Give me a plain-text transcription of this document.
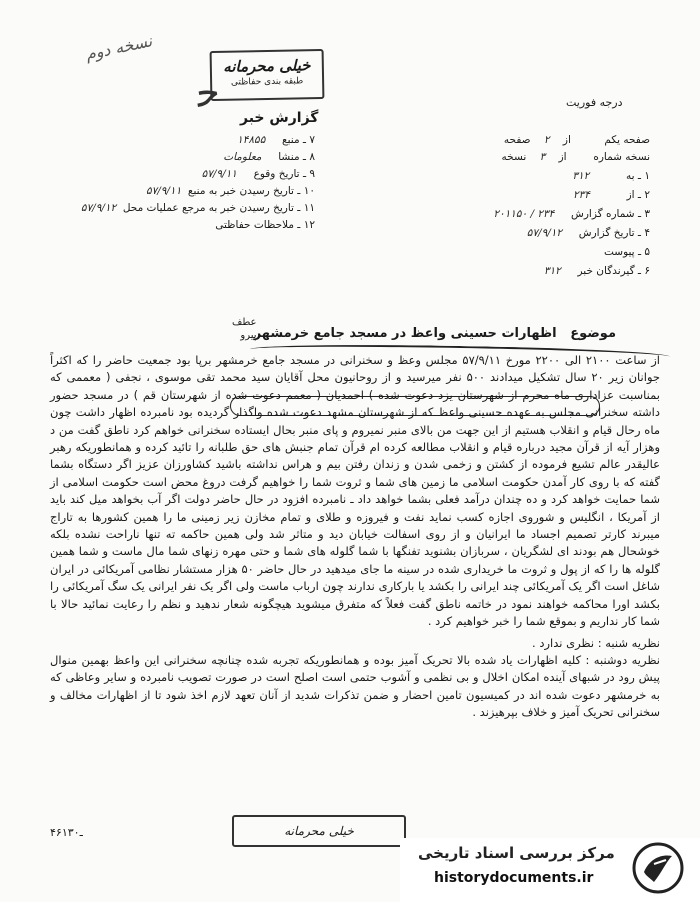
نسخه دوم
خیلی محرمانه
طبقه بندی حفاظتی
ﺣ	درجه فوریت
گزارش خبر
صفحه یکم          از    ۲    صفحه
نسخه شماره        از    ۳    نسخه
۱ ـ به           ۳۱۲
۲ ـ از           ۲۳۴
۳ ـ شماره گزارش     ۲۳۴ / ۲۰۱۱۵۰
۴ ـ تاریخ گزارش     ۵۷/۹/۱۲
۵ ـ پیوست
۶ ـ گیرندگان خبر     ۳۱۲
۷ ـ منبع     ۱۴۸۵۵
۸ ـ منشا     معلومات
۹ ـ تاریخ وقوع     ۵۷/۹/۱۱
۱۰ ـ تاریخ رسیدن خبر به منبع  ۵۷/۹/۱۱
۱۱ ـ تاریخ رسیدن خبر به مرجع عملیات محل  ۵۷/۹/۱۲
۱۲ ـ ملاحظات حفاظتی
عطف
پیرو	موضوع   اظهارات حسینی واعظ در مسجد جامع خرمشهر

از ساعت ۲۱۰۰ الی ۲۲۰۰ مورخ ۵۷/۹/۱۱ مجلس وعظ و سخنرانی در مسجد جامع خرمشهر برپا بود جمعیت حاضر را که اکثراً جوانان زیر ۲۰ سال تشکیل میدادند ۵۰۰ نفر میرسید و از روحانیون محل آقایان سید محمد تقی موسوی ، نجفی ( معممی که بمناسبت عزاداری ماه محرم از شهرستان یزد دعوت شده ) احمدیان ( معمم دعوت شده از شهرستان قم ) در مسجد حضور داشته سخنرانی مجلس به عهده حسینی واعظ که از شهرستان مشهد دعوت شده واگذار گردیده بود نامبرده اظهار داشت چون ماه رحال قیام و انقلاب هستیم از این جهت من بالای منبر نمیروم و پای منبر بحال ایستاده سخنرانی خواهم کرد ناطق گفت من د وهزار آیه از قرآن مجید درباره قیام و انقلاب مطالعه کرده ام قرآن تمام جنبش های حق طلبانه را تائید کرده و همانطوریکه رهبر عالیقدر عالم تشیع فرموده از کشتن و زخمی شدن و زندان رفتن بیم و هراس نداشته باشید کشاورزان عزیز اگر دستگاه بشما گفته که با روی کار آمدن حکومت اسلامی ما زمین های شما و ثروت شما را خواهیم گرفت دروغ محض است حکومت اسلامی از شما حمایت خواهد کرد و ده چندان درآمد فعلی بشما خواهد داد ـ نامبرده افزود در حال حاضر دولت اگر آب بخواهد میل کند باید از آمریکا ، انگلیس و شوروی اجازه کسب نماید نفت و فیروزه و طلای و تمام مخازن زیر زمینی ما را همین کشورها به تاراج میبرند کارتر تصمیم اجساد ما ایرانیان و از روی اسفالت خیابان دید و متاثر شد ولی همین حاکمه ته تنها ناراحت نشده بلکه خوشحال هم بودند ای لشگریان ، سربازان بشنوید تفنگها با شما گلوله های شما و حتی مهره زنهای شما مال ماست و شما همین گلوله ها را که از پول و ثروت ما خریداری شده در سینه ما جای میدهید در حال حاضر ۵۰ هزار مستشار نظامی آمریکائی در ایران شاغل است اگر یک آمریکائی چند ایرانی را بکشد یا بارکاری ندارند چون ارباب ماست ولی اگر یک نفر ایرانی یک سگ آمریکائی را بکشد اورا محاکمه خواهند نمود در خاتمه ناطق گفت فعلاً که متفرق میشوید هیچگونه شعار ندهید و نظم را رعایت نمائید حالا با شما کار نداریم و بموقع شما را خبر خواهیم کرد .

نظریه شنبه : نظری ندارد .

نظریه دوشنبه : کلیه اظهارات یاد شده بالا تحریک آمیز بوده و همانطوریکه تجربه شده چنانچه سخنرانی این واعظ بهمین منوال پیش رود در شبهای آینده امکان اخلال و بی نظمی و آشوب حتمی است اصلح است در صورت تصویب نامبرده و سایر وعاظی که به خرمشهر دعوت شده اند در کمیسیون تامین احضار و ضمن تذکرات شدید از آنان تعهد لازم اخذ شود تا از اظهارات مخالف و سخنرانی تحریک آمیز و خلاف بپرهیزند .

خیلی محرمانه
۴۶ـ۱۳۰
مرکز بررسی اسناد تاریخی
historydocuments.ir
